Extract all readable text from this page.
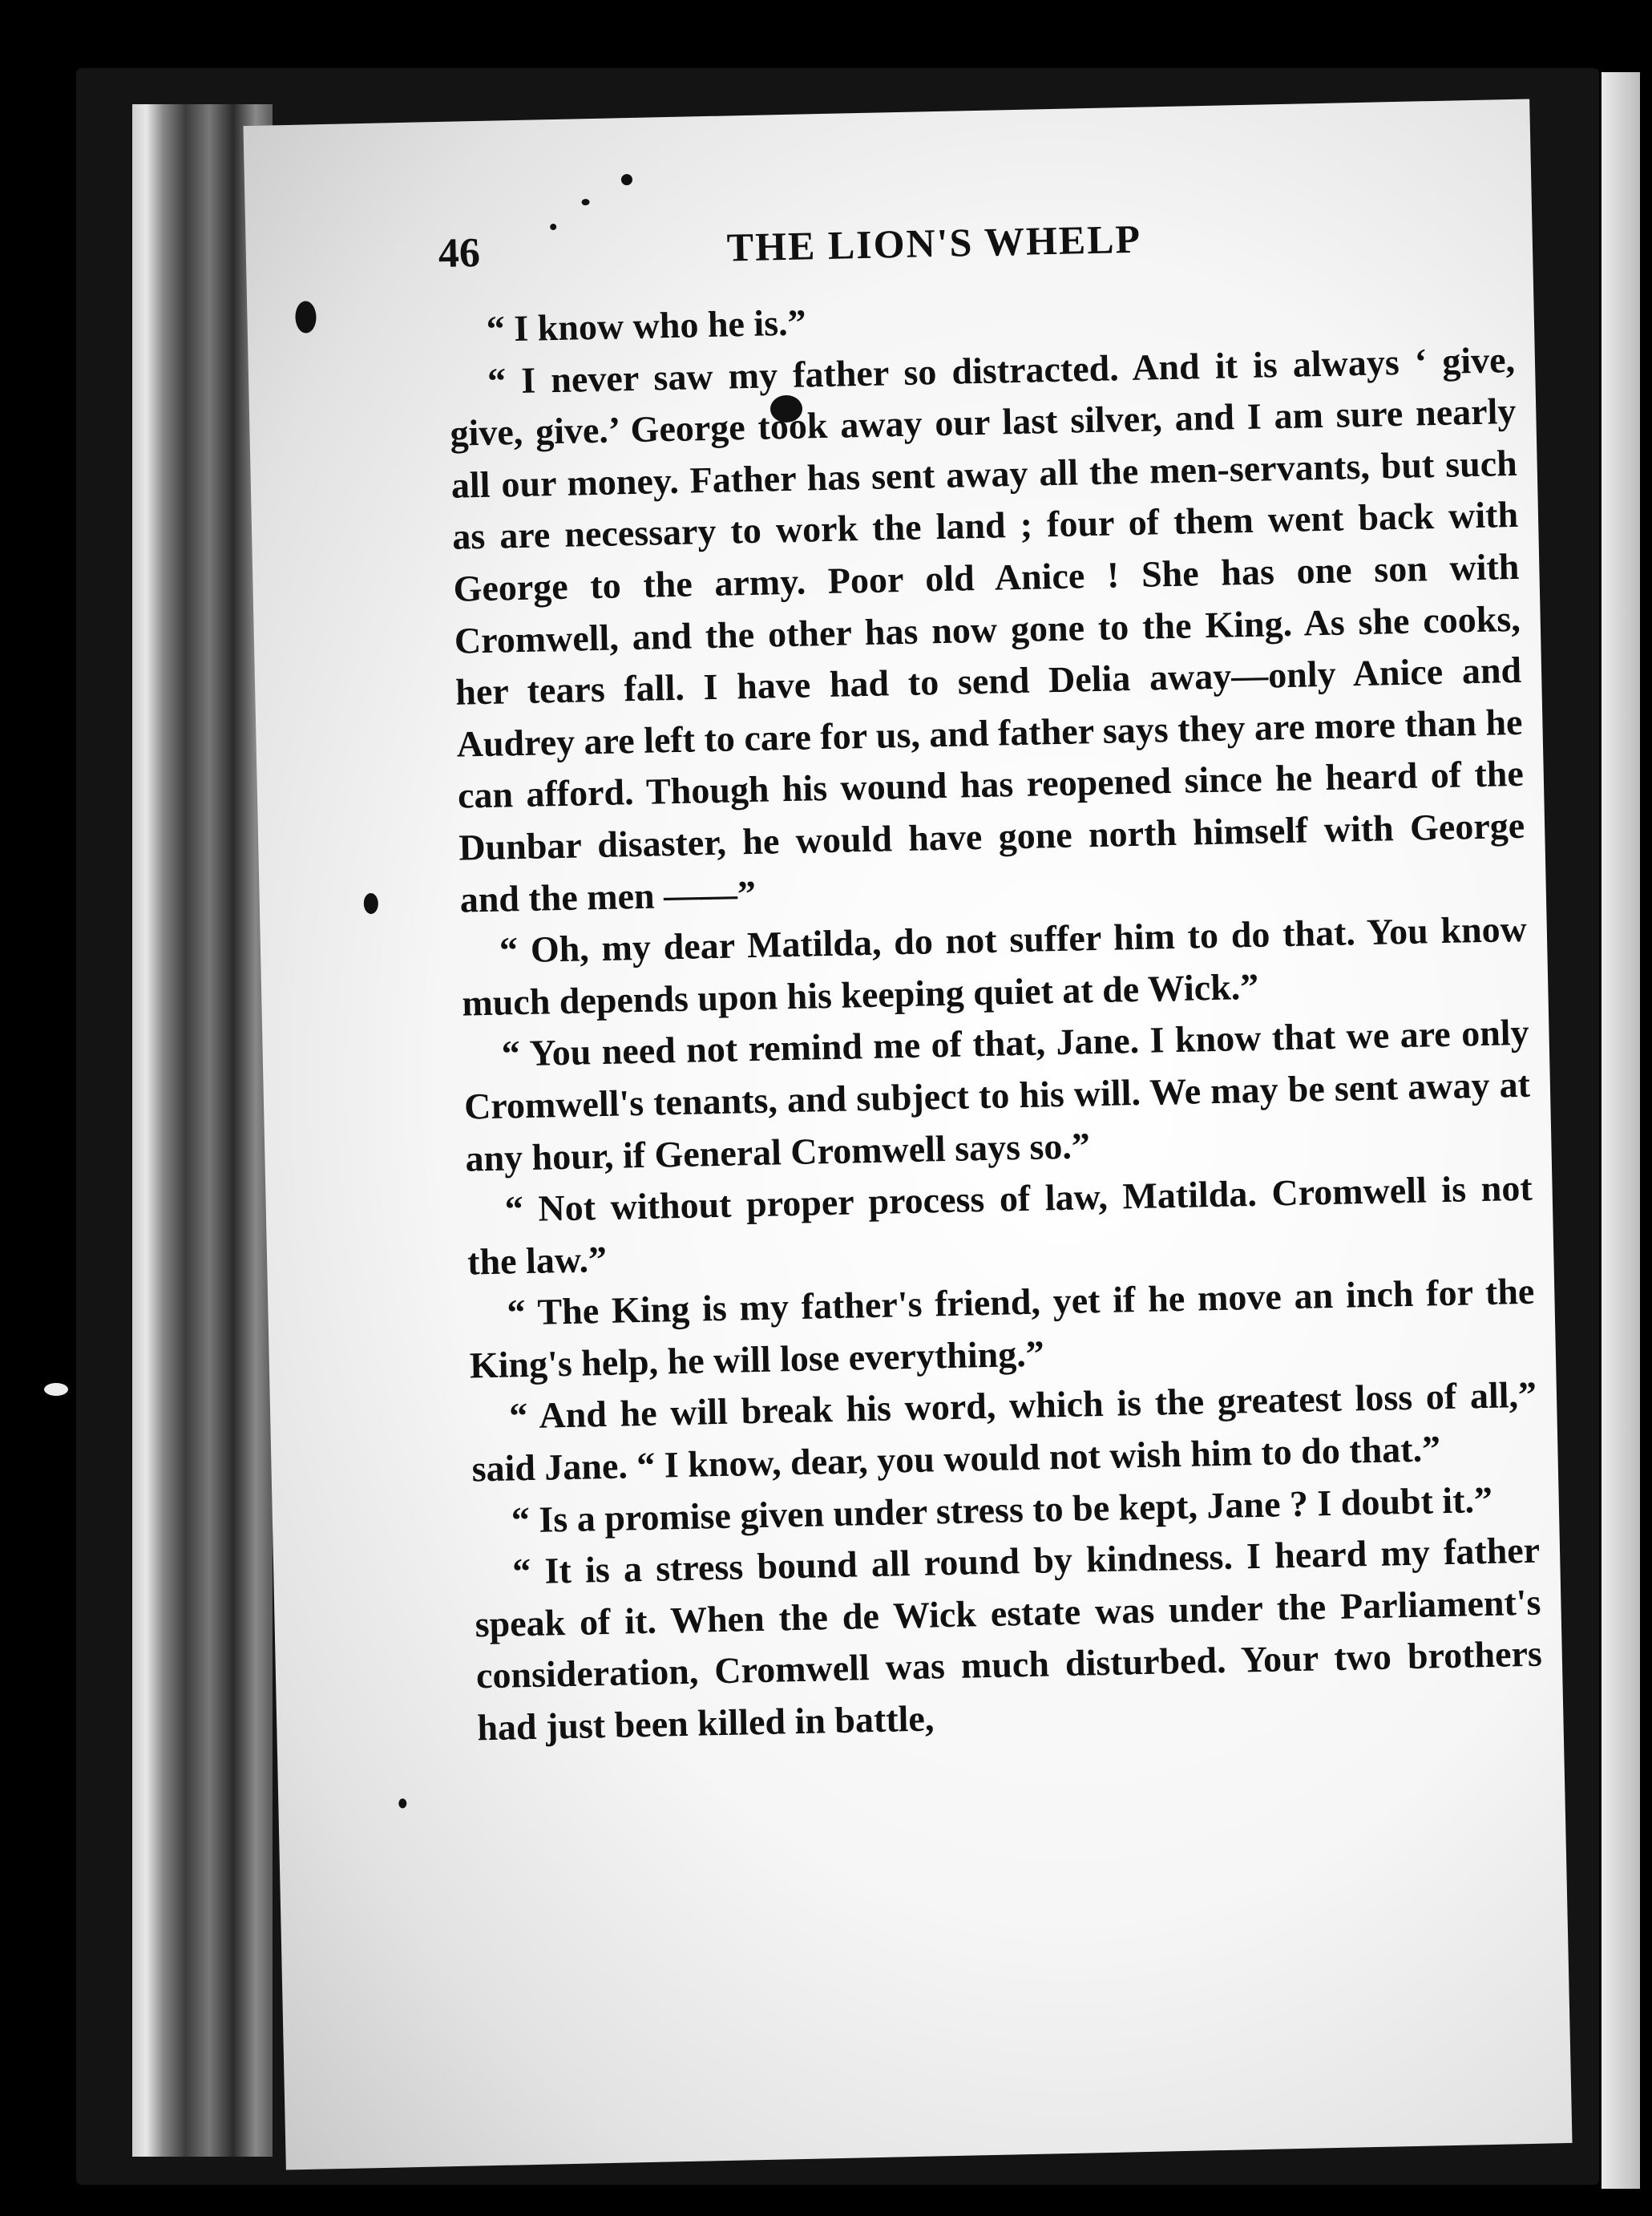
46	THE LION'S WHELP

“ I know who he is.”

“ I never saw my father so distracted. And it is always ‘ give, give, give.’ George took away our last silver, and I am sure nearly all our money. Father has sent away all the men-servants, but such as are necessary to work the land ; four of them went back with George to the army. Poor old Anice ! She has one son with Cromwell, and the other has now gone to the King. As she cooks, her tears fall. I have had to send Delia away—only Anice and Audrey are left to care for us, and father says they are more than he can afford. Though his wound has reopened since he heard of the Dunbar disaster, he would have gone north himself with George and the men ——”

“ Oh, my dear Matilda, do not suffer him to do that. You know much depends upon his keeping quiet at de Wick.”

“ You need not remind me of that, Jane. I know that we are only Cromwell's tenants, and subject to his will. We may be sent away at any hour, if General Cromwell says so.”

“ Not without proper process of law, Matilda. Cromwell is not the law.”

“ The King is my father's friend, yet if he move an inch for the King's help, he will lose everything.”

“ And he will break his word, which is the greatest loss of all,” said Jane. “ I know, dear, you would not wish him to do that.”

“ Is a promise given under stress to be kept, Jane ? I doubt it.”

“ It is a stress bound all round by kindness. I heard my father speak of it. When the de Wick estate was under the Parliament's consideration, Cromwell was much disturbed. Your two brothers had just been killed in battle,
